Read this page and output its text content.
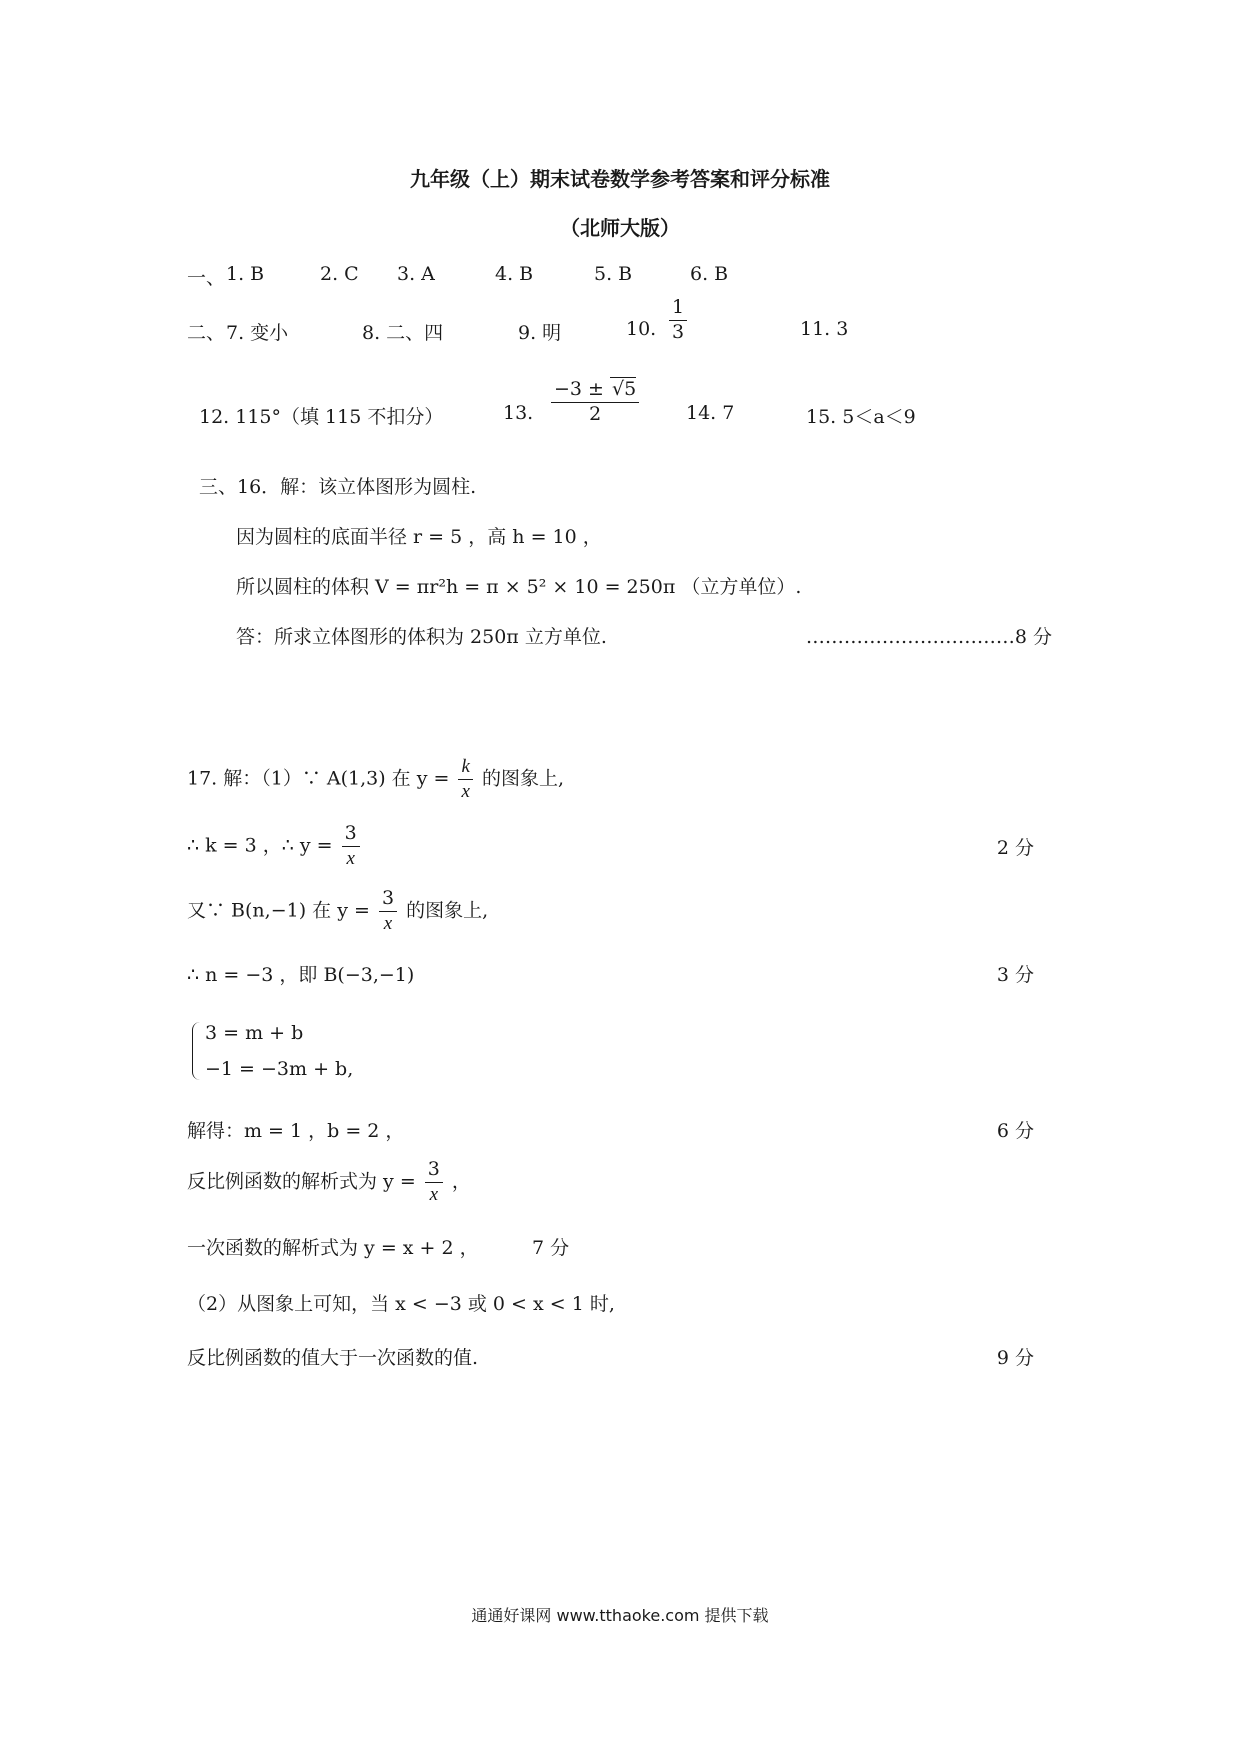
九年级（上）期末试卷数学参考答案和评分标准
（北师大版）
一、 1. B	2. C 3. A	4. B	5. B	6. B
二、 7. 变小	8. 二、四	9. 明	10. $\frac{1}{3}$	11. 3
12. 115°（填 115 不扣分）	13. $\frac{-3 \pm √5}{2} 14$. 7	15. 5＜a＜9
三、16．解：该立体图形为圆柱.
因为圆柱的底面半径 r = 5 ，高 h = 10 ，
所以圆柱的体积 V = πr²h = π × 5² × 10 = 250π （立方单位）.
答：所求立体图形的体积为 250π 立方单位.	……………………………8 分
17. 解：（1）∵ A(1,3) 在 $y = \frac{k}{x}$ 的图象上,
∴ k = 3 ，∴ $y = \frac{3}{x}$	2 分
又∵ B(n,−1) 在 $y = \frac{3}{x}$ 的图象上,
∴ n = −3 ，即 B(−3,−1)	3 分
3 = m + b
−1 = −3m + b,
解得：m = 1 ，b = 2 ，	6 分
反比例函数的解析式为 $y = \frac{3}{x}$ ，
一次函数的解析式为 y = x + 2 ，	7 分
（2）从图象上可知，当 x < −3 或 0 < x < 1 时,
反比例函数的值大于一次函数的值.	9 分
通通好课网 www.tthaoke.com 提供下载
